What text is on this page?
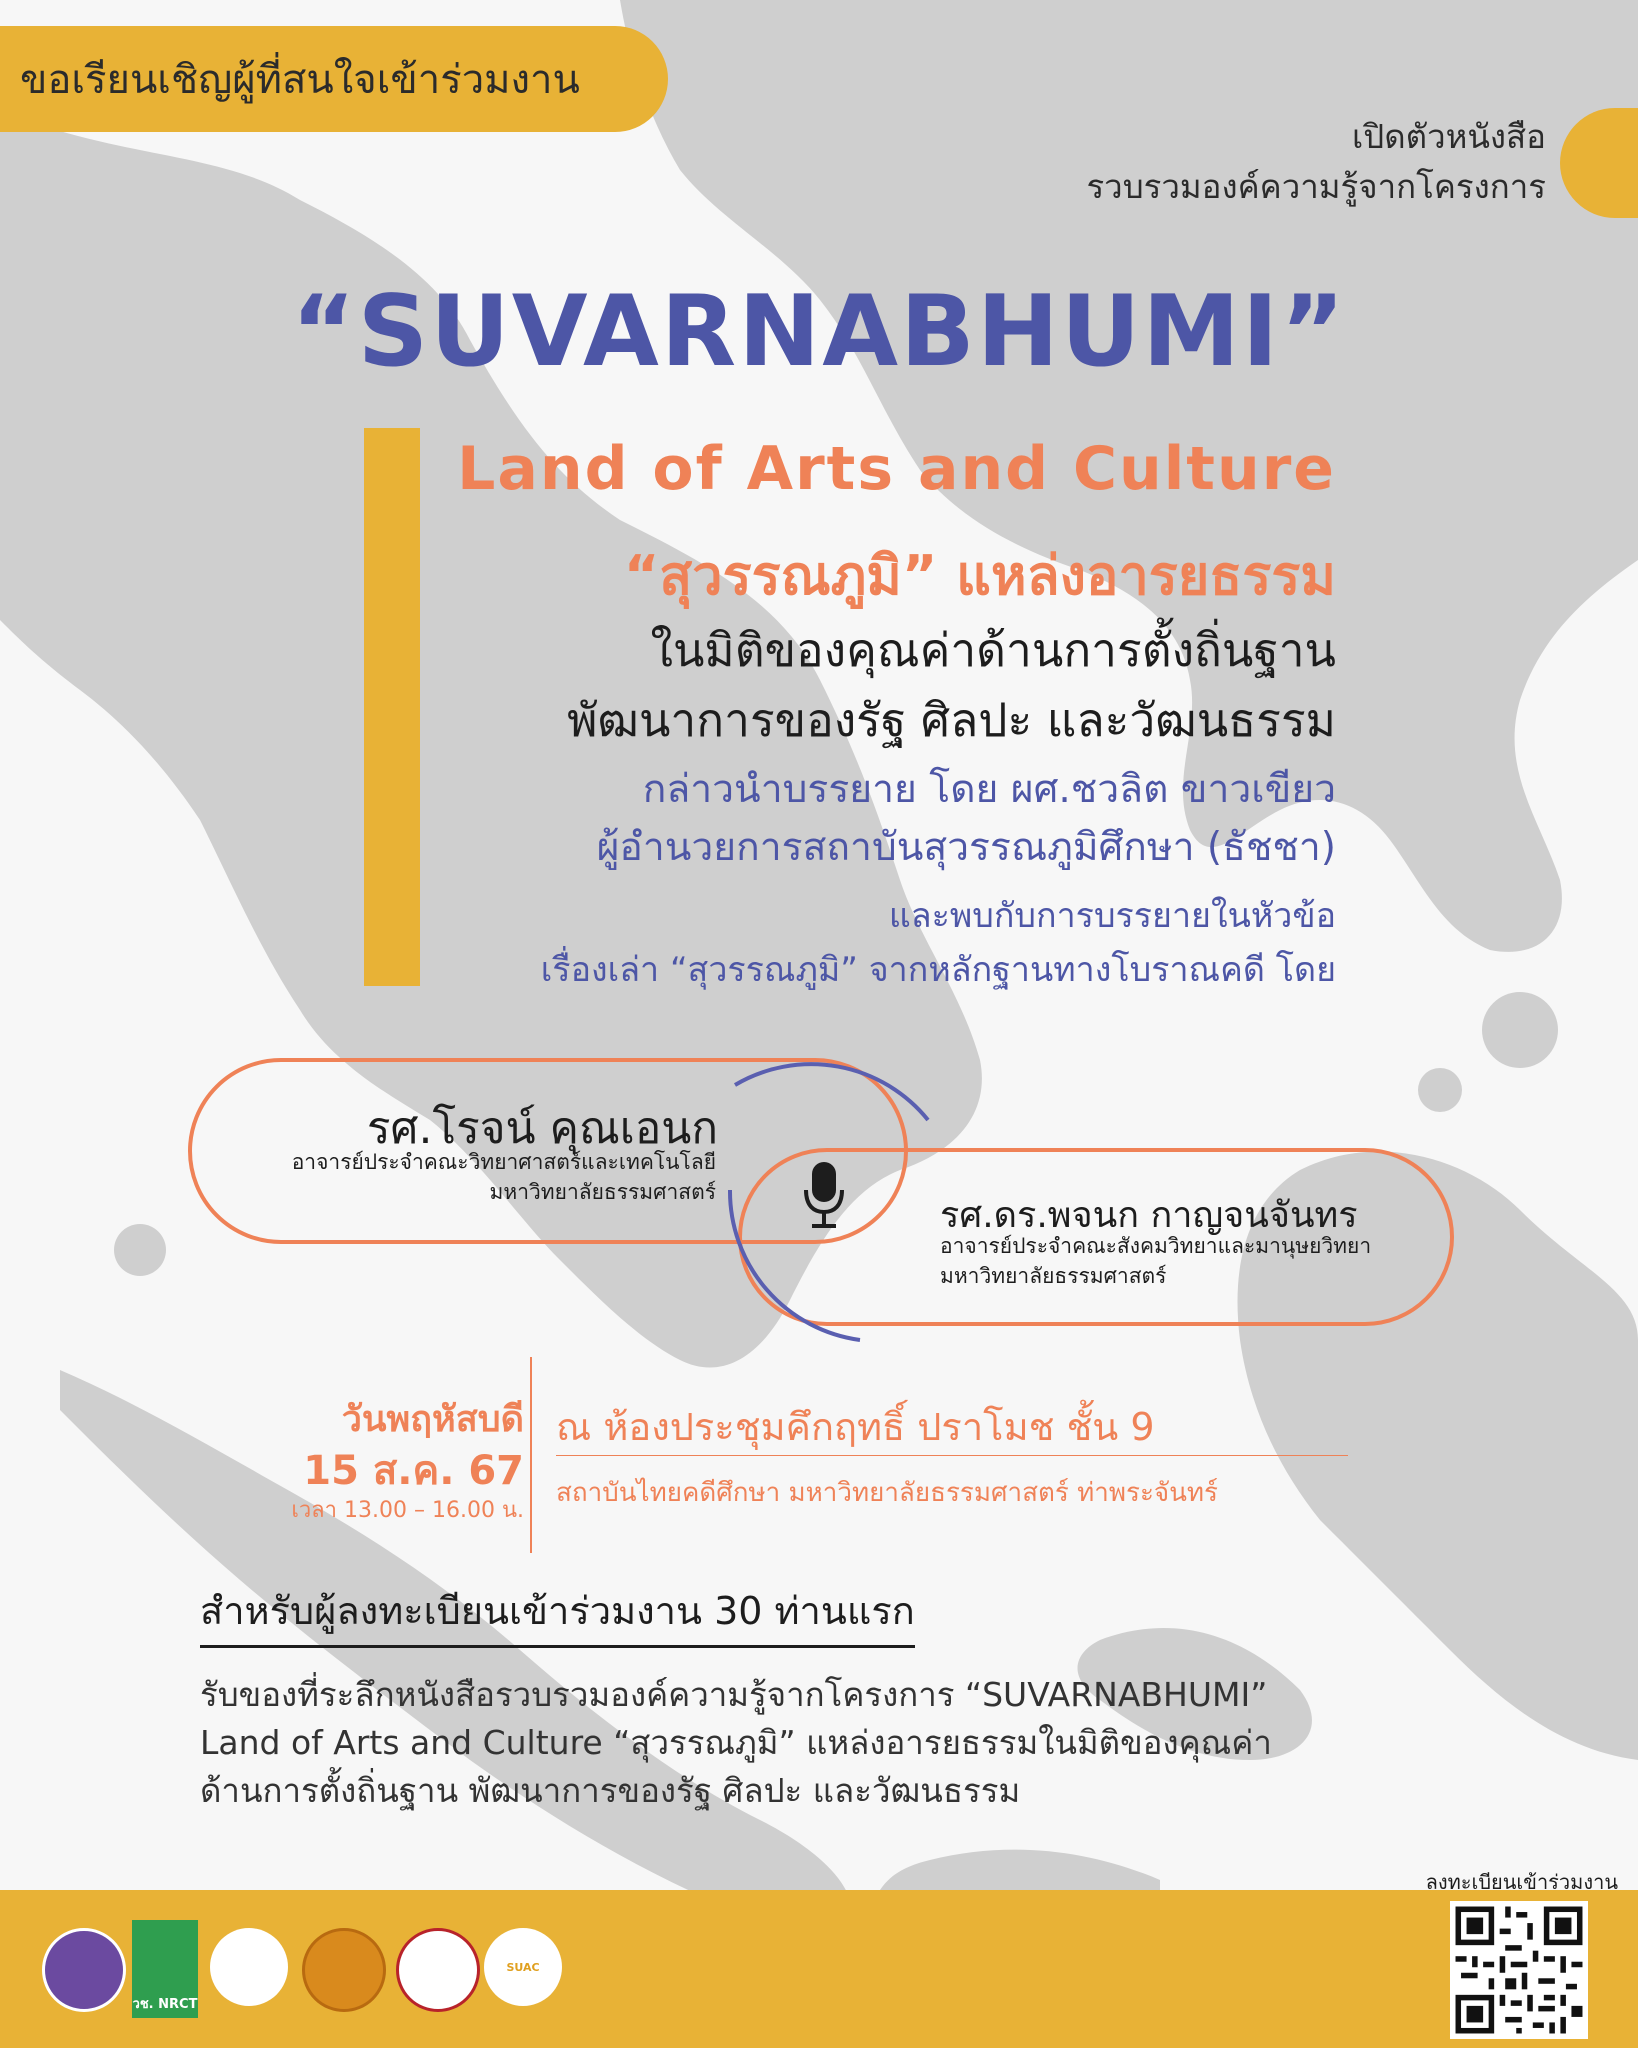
ขอเรียนเชิญผู้ที่สนใจเข้าร่วมงาน
เปิดตัวหนังสือ
รวบรวมองค์ความรู้จากโครงการ
“SUVARNABHUMI”
Land of Arts and Culture
“สุวรรณภูมิ” แหล่งอารยธรรม
ในมิติของคุณค่าด้านการตั้งถิ่นฐาน
พัฒนาการของรัฐ ศิลปะ และวัฒนธรรม
กล่าวนำบรรยาย โดย ผศ.ชวลิต ขาวเขียว
ผู้อำนวยการสถาบันสุวรรณภูมิศึกษา (ธัชชา)
และพบกับการบรรยายในหัวข้อ
เรื่องเล่า “สุวรรณภูมิ” จากหลักฐานทางโบราณคดี โดย
รศ.โรจน์ คุณเอนก
อาจารย์ประจำคณะวิทยาศาสตร์และเทคโนโลยี
มหาวิทยาลัยธรรมศาสตร์
รศ.ดร.พจนก กาญจนจันทร
อาจารย์ประจำคณะสังคมวิทยาและมานุษยวิทยา
มหาวิทยาลัยธรรมศาสตร์
วันพฤหัสบดี
15 ส.ค. 67
เวลา 13.00 – 16.00 น.
ณ ห้องประชุมคึกฤทธิ์ ปราโมช ชั้น 9
สถาบันไทยคดีศึกษา มหาวิทยาลัยธรรมศาสตร์ ท่าพระจันทร์
สำหรับผู้ลงทะเบียนเข้าร่วมงาน 30 ท่านแรก
รับของที่ระลึกหนังสือรวบรวมองค์ความรู้จากโครงการ “SUVARNABHUMI”
Land of Arts and Culture “สุวรรณภูมิ” แหล่งอารยธรรมในมิติของคุณค่า
ด้านการตั้งถิ่นฐาน พัฒนาการของรัฐ ศิลปะ และวัฒนธรรม
ลงทะเบียนเข้าร่วมงาน
วช. NRCT
SUAC
